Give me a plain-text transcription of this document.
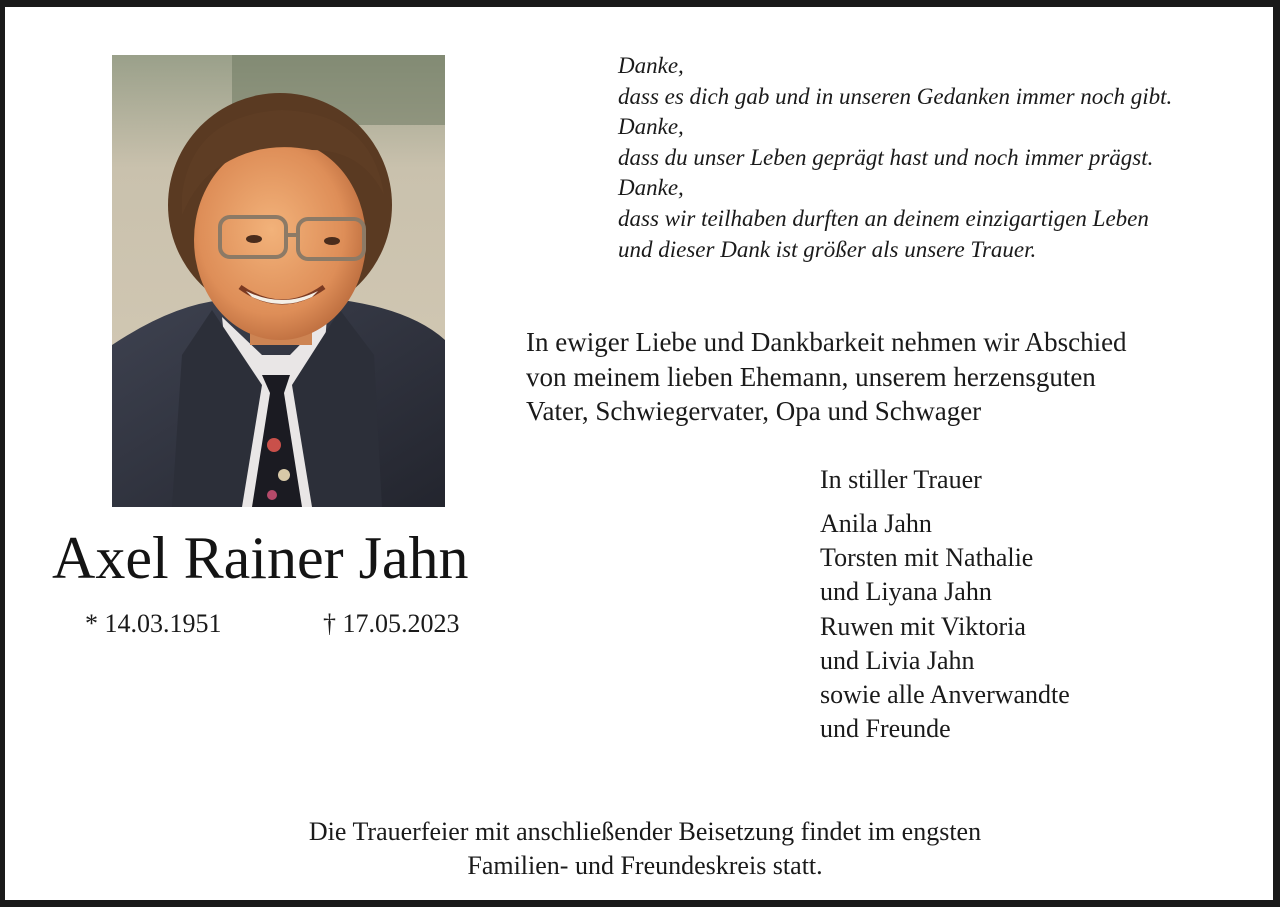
Axel Rainer Jahn
* 14.03.1951	† 17.05.2023
Danke,
dass es dich gab und in unseren Gedanken immer noch gibt.
Danke,
dass du unser Leben geprägt hast und noch immer prägst.
Danke,
dass wir teilhaben durften an deinem einzigartigen Leben
und dieser Dank ist größer als unsere Trauer.
In ewiger Liebe und Dankbarkeit nehmen wir Abschied
von meinem lieben Ehemann, unserem herzensguten
Vater, Schwiegervater, Opa und Schwager
In stiller Trauer
Anila Jahn
Torsten mit Nathalie
und Liyana Jahn
Ruwen mit Viktoria
und Livia Jahn
sowie alle Anverwandte
und Freunde
Die Trauerfeier mit anschließender Beisetzung findet im engsten
Familien- und Freundeskreis statt.
